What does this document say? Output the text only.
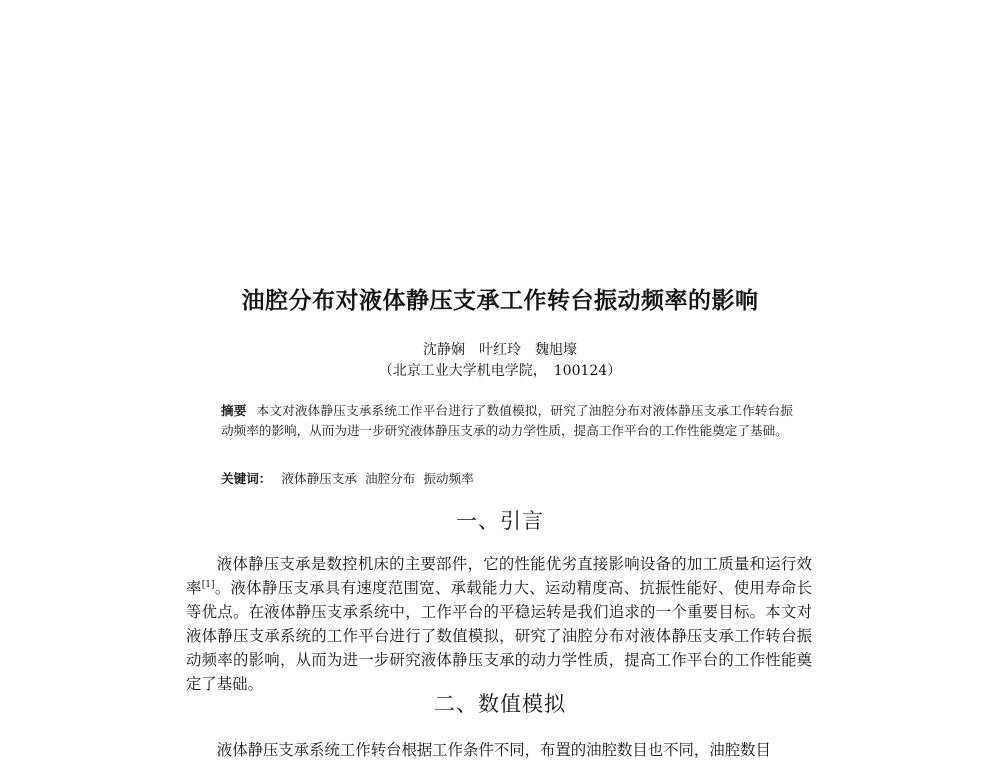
油腔分布对液体静压支承工作转台振动频率的影响
沈静娴　叶红玲　魏旭壕
（北京工业大学机电学院，　100124）

摘要 本文对液体静压支承系统工作平台进行了数值模拟，研究了油腔分布对液体静压支承工作转台振动频率的影响，从而为进一步研究液体静压支承的动力学性质，提高工作平台的工作性能奠定了基础。

关键词： 液体静压支承 油腔分布 振动频率

一、引言

液体静压支承是数控机床的主要部件，它的性能优劣直接影响设备的加工质量和运行效率[1]。液体静压支承具有速度范围宽、承载能力大、运动精度高、抗振性能好、使用寿命长等优点。在液体静压支承系统中，工作平台的平稳运转是我们追求的一个重要目标。本文对液体静压支承系统的工作平台进行了数值模拟，研究了油腔分布对液体静压支承工作转台振动频率的影响，从而为进一步研究液体静压支承的动力学性质，提高工作平台的工作性能奠定了基础。

二、数值模拟

液体静压支承系统工作转台根据工作条件不同，布置的油腔数目也不同，油腔数目
